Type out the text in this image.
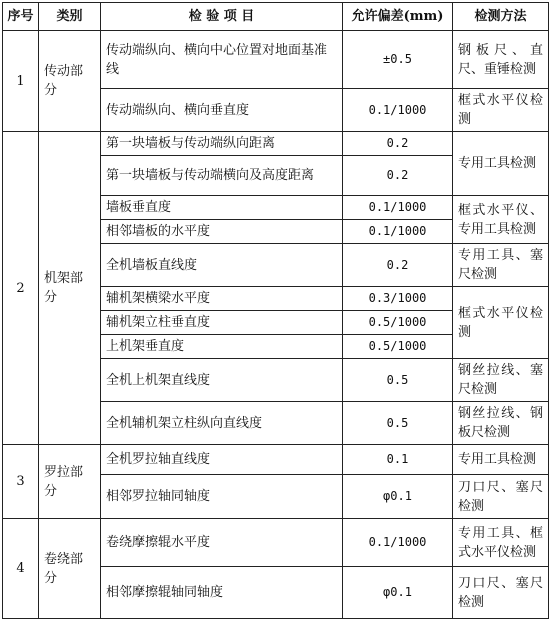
序号	类别	检 验 项 目	允许偏差(mm)	检测方法
1	传动部分	传动端纵向、横向中心位置对地面基准线	±0.5	钢板尺、直尺、重锤检测
		传动端纵向、横向垂直度	0.1/1000	框式水平仪检测
2	机架部分	第一块墙板与传动端纵向距离	0.2	专用工具检测
		第一块墙板与传动端横向及高度距离	0.2	
		墙板垂直度	0.1/1000	框式水平仪、专用工具检测
		相邻墙板的水平度	0.1/1000	
		全机墙板直线度	0.2	专用工具、塞尺检测
		辅机架横梁水平度	0.3/1000	框式水平仪检测
		辅机架立柱垂直度	0.5/1000	
		上机架垂直度	0.5/1000	
		全机上机架直线度	0.5	钢丝拉线、塞尺检测
		全机辅机架立柱纵向直线度	0.5	钢丝拉线、钢板尺检测
3	罗拉部分	全机罗拉轴直线度	0.1	专用工具检测
		相邻罗拉轴同轴度	φ0.1	刀口尺、塞尺检测
4	卷绕部分	卷绕摩擦辊水平度	0.1/1000	专用工具、框式水平仪检测
		相邻摩擦辊轴同轴度	φ0.1	刀口尺、塞尺检测
